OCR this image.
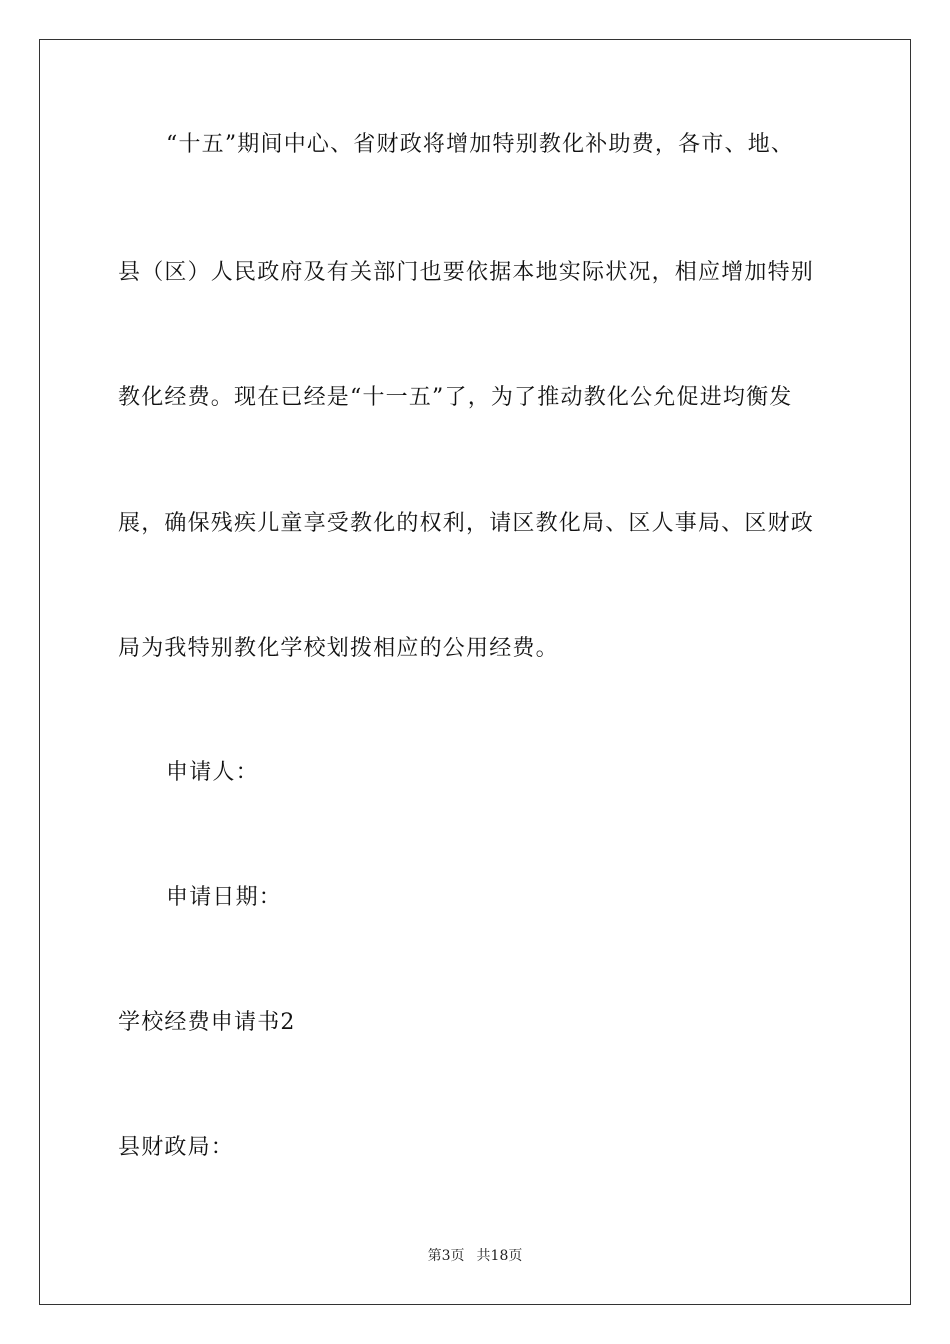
“十五”期间中心、省财政将增加特别教化补助费，各市、地、
县（区）人民政府及有关部门也要依据本地实际状况，相应增加特别
教化经费。现在已经是“十一五”了，为了推动教化公允促进均衡发
展，确保残疾儿童享受教化的权利，请区教化局、区人事局、区财政
局为我特别教化学校划拨相应的公用经费。
申请人：
申请日期：
学校经费申请书2
县财政局：
第3页 共18页
